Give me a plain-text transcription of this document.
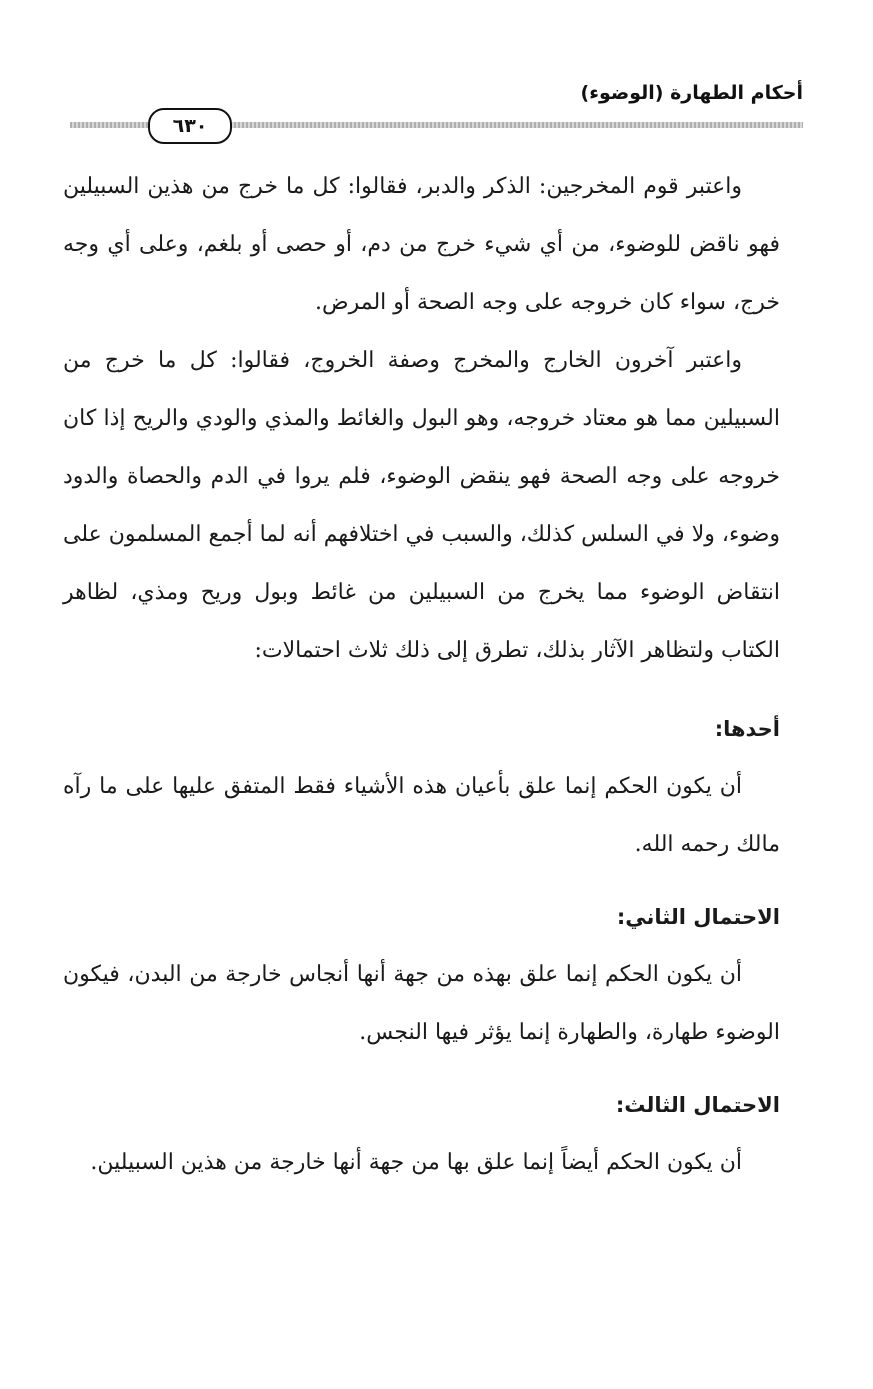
أحكام الطهارة (الوضوء)
٦٣٠

واعتبر قوم المخرجين: الذكر والدبر، فقالوا: كل ما خرج من هذين السبيلين فهو ناقض للوضوء، من أي شيء خرج من دم، أو حصى أو بلغم، وعلى أي وجه خرج، سواء كان خروجه على وجه الصحة أو المرض.

واعتبر آخرون الخارج والمخرج وصفة الخروج، فقالوا: كل ما خرج من السبيلين مما هو معتاد خروجه، وهو البول والغائط والمذي والودي والريح إذا كان خروجه على وجه الصحة فهو ينقض الوضوء، فلم يروا في الدم والحصاة والدود وضوء، ولا في السلس كذلك، والسبب في اختلافهم أنه لما أجمع المسلمون على انتقاض الوضوء مما يخرج من السبيلين من غائط وبول وريح ومذي، لظاهر الكتاب ولتظاهر الآثار بذلك، تطرق إلى ذلك ثلاث احتمالات:

أحدها:

أن يكون الحكم إنما علق بأعيان هذه الأشياء فقط المتفق عليها على ما رآه مالك رحمه الله.

الاحتمال الثاني:

أن يكون الحكم إنما علق بهذه من جهة أنها أنجاس خارجة من البدن، فيكون الوضوء طهارة، والطهارة إنما يؤثر فيها النجس.

الاحتمال الثالث:

أن يكون الحكم أيضاً إنما علق بها من جهة أنها خارجة من هذين السبيلين.
